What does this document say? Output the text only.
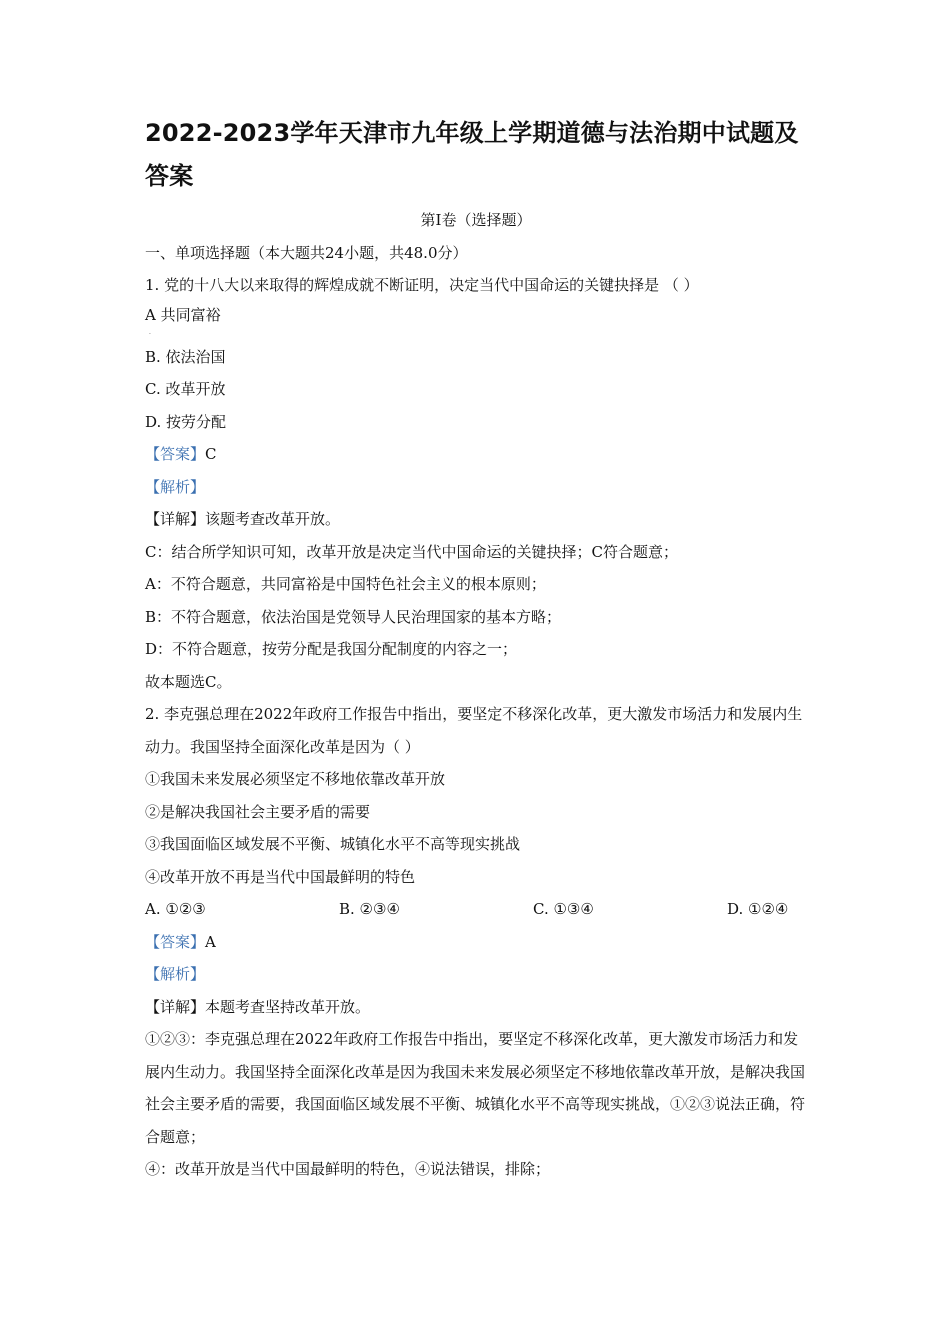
2022-2023学年天津市九年级上学期道德与法治期中试题及
答案
第I卷（选择题）
一、单项选择题（本大题共24小题，共48.0分）
1. 党的十八大以来取得的辉煌成就不断证明，决定当代中国命运的关键抉择是 （ ）
A 共同富裕
·
B. 依法治国
C. 改革开放
D. 按劳分配
【答案】C
【解析】
【详解】该题考查改革开放。
C：结合所学知识可知，改革开放是决定当代中国命运的关键抉择；C符合题意；
A：不符合题意，共同富裕是中国特色社会主义的根本原则；
B：不符合题意，依法治国是党领导人民治理国家的基本方略；
D：不符合题意，按劳分配是我国分配制度的内容之一；
故本题选C。
2. 李克强总理在2022年政府工作报告中指出，要坚定不移深化改革，更大激发市场活力和发展内生动力。我国坚持全面深化改革是因为（ ）
①我国未来发展必须坚定不移地依靠改革开放
②是解决我国社会主要矛盾的需要
③我国面临区域发展不平衡、城镇化水平不高等现实挑战
④改革开放不再是当代中国最鲜明的特色
A. ①②③	B. ②③④	C. ①③④	D. ①②④
【答案】A
【解析】
【详解】本题考查坚持改革开放。
①②③：李克强总理在2022年政府工作报告中指出，要坚定不移深化改革，更大激发市场活力和发展内生动力。我国坚持全面深化改革是因为我国未来发展必须坚定不移地依靠改革开放，是解决我国社会主要矛盾的需要，我国面临区域发展不平衡、城镇化水平不高等现实挑战，①②③说法正确，符合题意；
④：改革开放是当代中国最鲜明的特色，④说法错误，排除；
